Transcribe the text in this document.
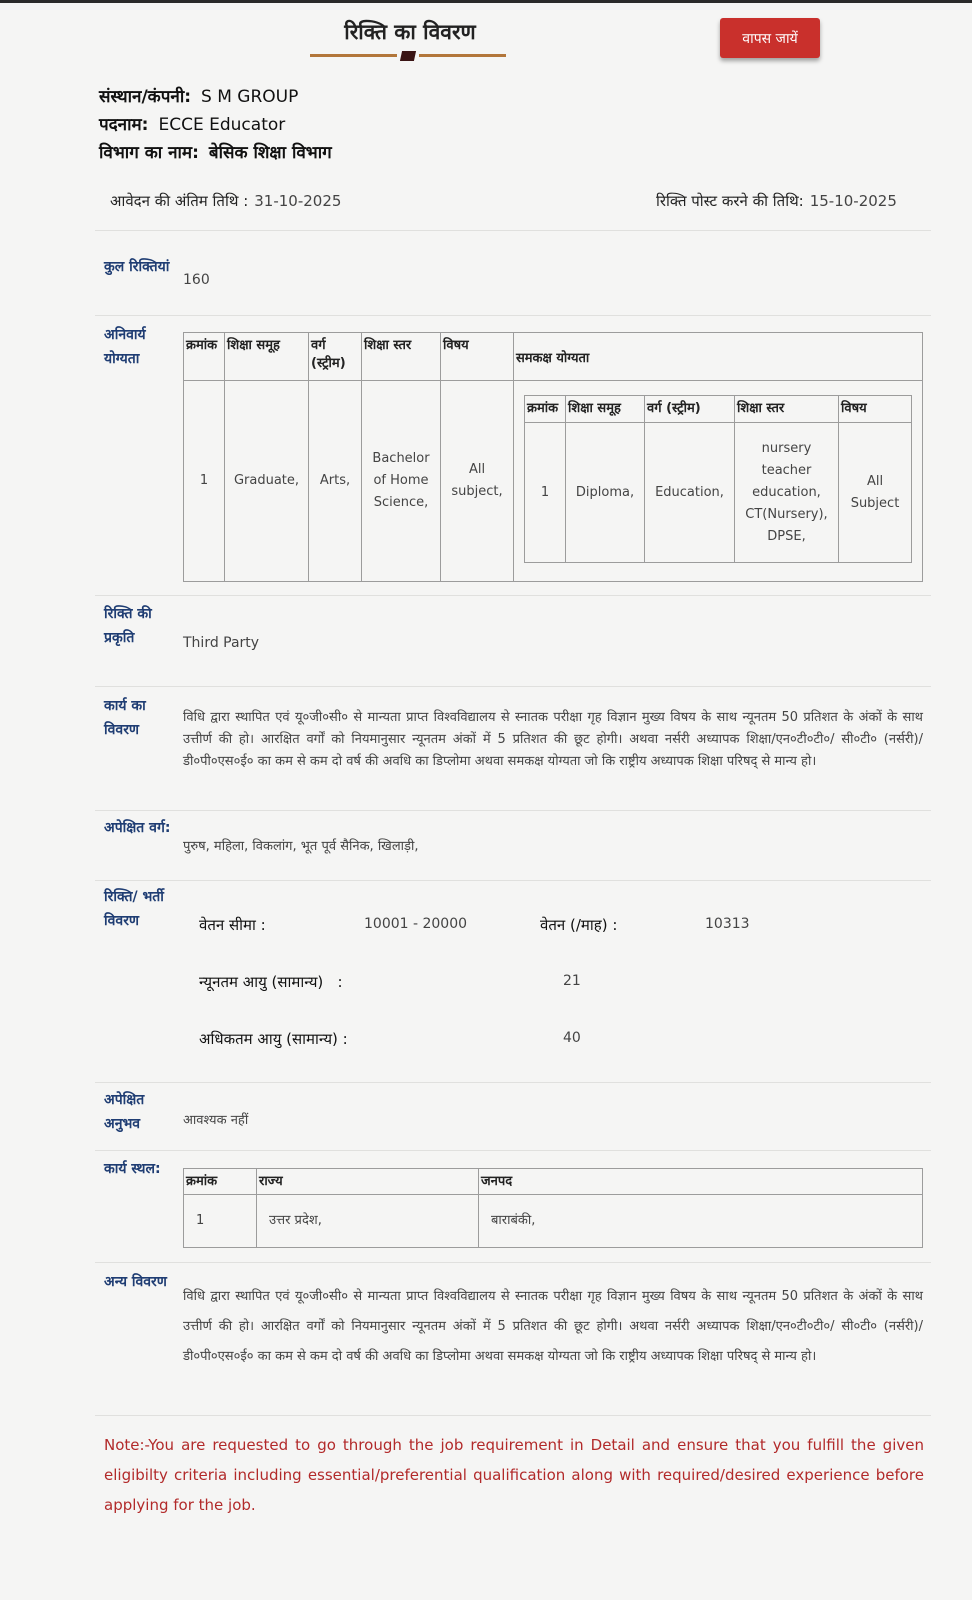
रिक्ति का विवरण	वापस जायें
संस्थान/कंपनी: S M GROUP
पदनाम: ECCE Educator
विभाग का नाम: बेसिक शिक्षा विभाग
आवेदन की अंतिम तिथि : 31-10-2025	रिक्ति पोस्ट करने की तिथि: 15-10-2025
कुल रिक्तियां
160
अनिवार्य योग्यता
क्रमांक	शिक्षा समूह	वर्ग (स्ट्रीम)	शिक्षा स्तर	विषय	समकक्ष योग्यता
1	Graduate,	Arts,	Bachelor of Home Science,	All subject,	
क्रमांक	शिक्षा समूह	वर्ग (स्ट्रीम)	शिक्षा स्तर	विषय
1	Diploma,	Education,	nursery teacher education, CT(Nursery), DPSE,	All Subject
रिक्ति की प्रकृति	Third Party
कार्य का विवरण
विधि द्वारा स्थापित एवं यू०जी०सी० से मान्यता प्राप्त विश्वविद्यालय से स्नातक परीक्षा गृह विज्ञान मुख्य विषय के साथ न्यूनतम 50 प्रतिशत के अंकों के साथ उत्तीर्ण की हो। आरक्षित वर्गों को नियमानुसार न्यूनतम अंकों में 5 प्रतिशत की छूट होगी। अथवा नर्सरी अध्यापक शिक्षा/एन०टी०टी०/ सी०टी० (नर्सरी)/डी०पी०एस०ई० का कम से कम दो वर्ष की अवधि का डिप्लोमा अथवा समकक्ष योग्यता जो कि राष्ट्रीय अध्यापक शिक्षा परिषद् से मान्य हो।
अपेक्षित वर्ग:
पुरुष, महिला, विकलांग, भूत पूर्व सैनिक, खिलाड़ी,
रिक्ति/ भर्ती विवरण	वेतन सीमा :	10001 - 20000	वेतन (/माह) :	10313
न्यूनतम आयु (सामान्य)   :	21
अधिकतम आयु (सामान्य) :	40
अपेक्षित अनुभव	आवश्यक नहीं
कार्य स्थल:
क्रमांक	राज्य	जनपद
1	उत्तर प्रदेश,	बाराबंकी,
अन्य विवरण
विधि द्वारा स्थापित एवं यू०जी०सी० से मान्यता प्राप्त विश्वविद्यालय से स्नातक परीक्षा गृह विज्ञान मुख्य विषय के साथ न्यूनतम 50 प्रतिशत के अंकों के साथ उत्तीर्ण की हो। आरक्षित वर्गों को नियमानुसार न्यूनतम अंकों में 5 प्रतिशत की छूट होगी। अथवा नर्सरी अध्यापक शिक्षा/एन०टी०टी०/ सी०टी० (नर्सरी)/डी०पी०एस०ई० का कम से कम दो वर्ष की अवधि का डिप्लोमा अथवा समकक्ष योग्यता जो कि राष्ट्रीय अध्यापक शिक्षा परिषद् से मान्य हो।
Note:-You are requested to go through the job requirement in Detail and ensure that you fulfill the given eligibilty criteria including essential/preferential qualification along with required/desired experience before applying for the job.
